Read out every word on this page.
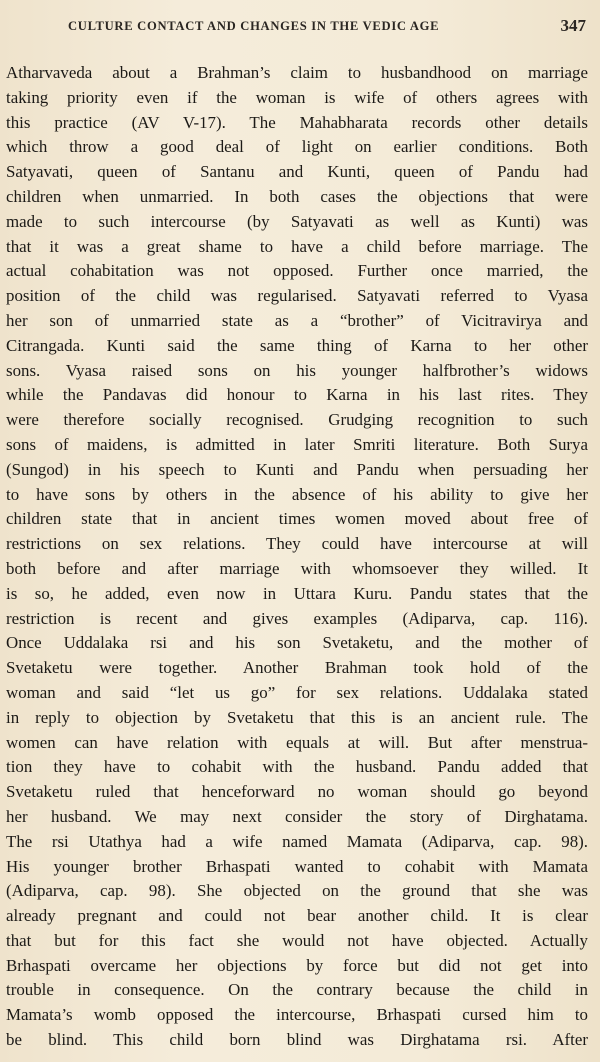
CULTURE CONTACT AND CHANGES IN THE VEDIC AGE	347
Atharvaveda about a Brahman’s claim to husbandhood on marriage
taking priority even if the woman is wife of others agrees with
this practice (AV V-17). The Mahabharata records other details
which throw a good deal of light on earlier conditions. Both
Satyavati, queen of Santanu and Kunti, queen of Pandu had
children when unmarried. In both cases the objections that were
made to such intercourse (by Satyavati as well as Kunti) was
that it was a great shame to have a child before marriage. The
actual cohabitation was not opposed. Further once married, the
position of the child was regularised. Satyavati referred to Vyasa
her son of unmarried state as a “brother” of Vicitravirya and
Citrangada. Kunti said the same thing of Karna to her other
sons. Vyasa raised sons on his younger halfbrother’s widows
while the Pandavas did honour to Karna in his last rites. They
were therefore socially recognised. Grudging recognition to such
sons of maidens, is admitted in later Smriti literature. Both Surya
(Sungod) in his speech to Kunti and Pandu when persuading her
to have sons by others in the absence of his ability to give her
children state that in ancient times women moved about free of
restrictions on sex relations. They could have intercourse at will
both before and after marriage with whomsoever they willed. It
is so, he added, even now in Uttara Kuru. Pandu states that the
restriction is recent and gives examples (Adiparva, cap. 116).
Once Uddalaka rsi and his son Svetaketu, and the mother of
Svetaketu were together. Another Brahman took hold of the
woman and said “let us go” for sex relations. Uddalaka stated
in reply to objection by Svetaketu that this is an ancient rule. The
women can have relation with equals at will. But after menstrua-
tion they have to cohabit with the husband. Pandu added that
Svetaketu ruled that henceforward no woman should go beyond
her husband. We may next consider the story of Dirghatama.
The rsi Utathya had a wife named Mamata (Adiparva, cap. 98).
His younger brother Brhaspati wanted to cohabit with Mamata
(Adiparva, cap. 98). She objected on the ground that she was
already pregnant and could not bear another child. It is clear
that but for this fact she would not have objected. Actually
Brhaspati overcame her objections by force but did not get into
trouble in consequence. On the contrary because the child in
Mamata’s womb opposed the intercourse, Brhaspati cursed him to
be blind. This child born blind was Dirghatama rsi. After
